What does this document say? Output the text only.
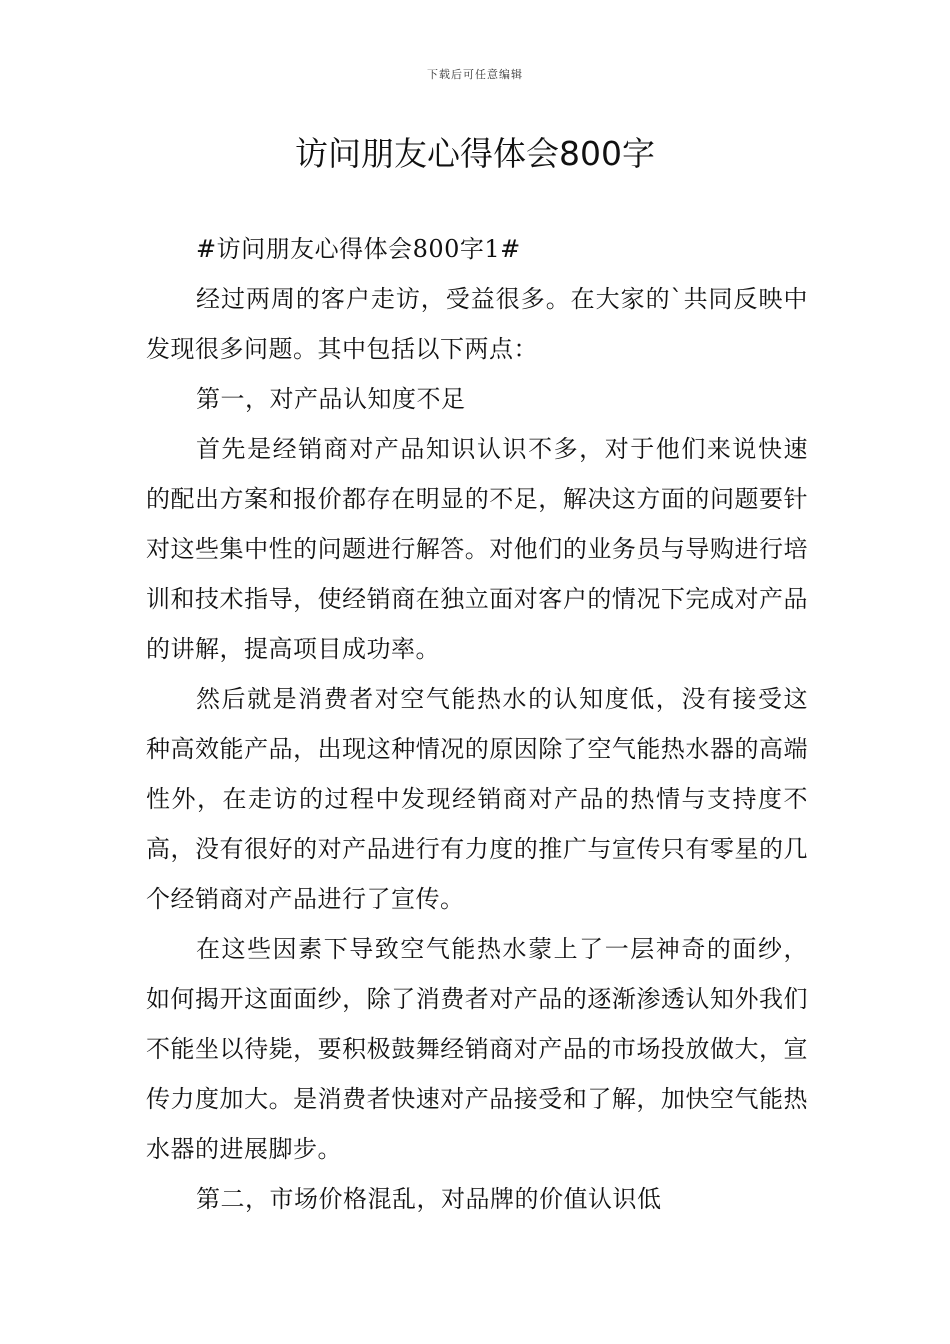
下载后可任意编辑
访问朋友心得体会800字

#访问朋友心得体会800字1#

经过两周的客户走访，受益很多。在大家的`共同反映中发现很多问题。其中包括以下两点：

第一，对产品认知度不足

首先是经销商对产品知识认识不多，对于他们来说快速的配出方案和报价都存在明显的不足，解决这方面的问题要针对这些集中性的问题进行解答。对他们的业务员与导购进行培训和技术指导，使经销商在独立面对客户的情况下完成对产品的讲解，提高项目成功率。

然后就是消费者对空气能热水的认知度低，没有接受这种高效能产品，出现这种情况的原因除了空气能热水器的高端性外，在走访的过程中发现经销商对产品的热情与支持度不高，没有很好的对产品进行有力度的推广与宣传只有零星的几个经销商对产品进行了宣传。

在这些因素下导致空气能热水蒙上了一层神奇的面纱，如何揭开这面面纱，除了消费者对产品的逐渐渗透认知外我们不能坐以待毙，要积极鼓舞经销商对产品的市场投放做大，宣传力度加大。是消费者快速对产品接受和了解，加快空气能热水器的进展脚步。

第二，市场价格混乱，对品牌的价值认识低
